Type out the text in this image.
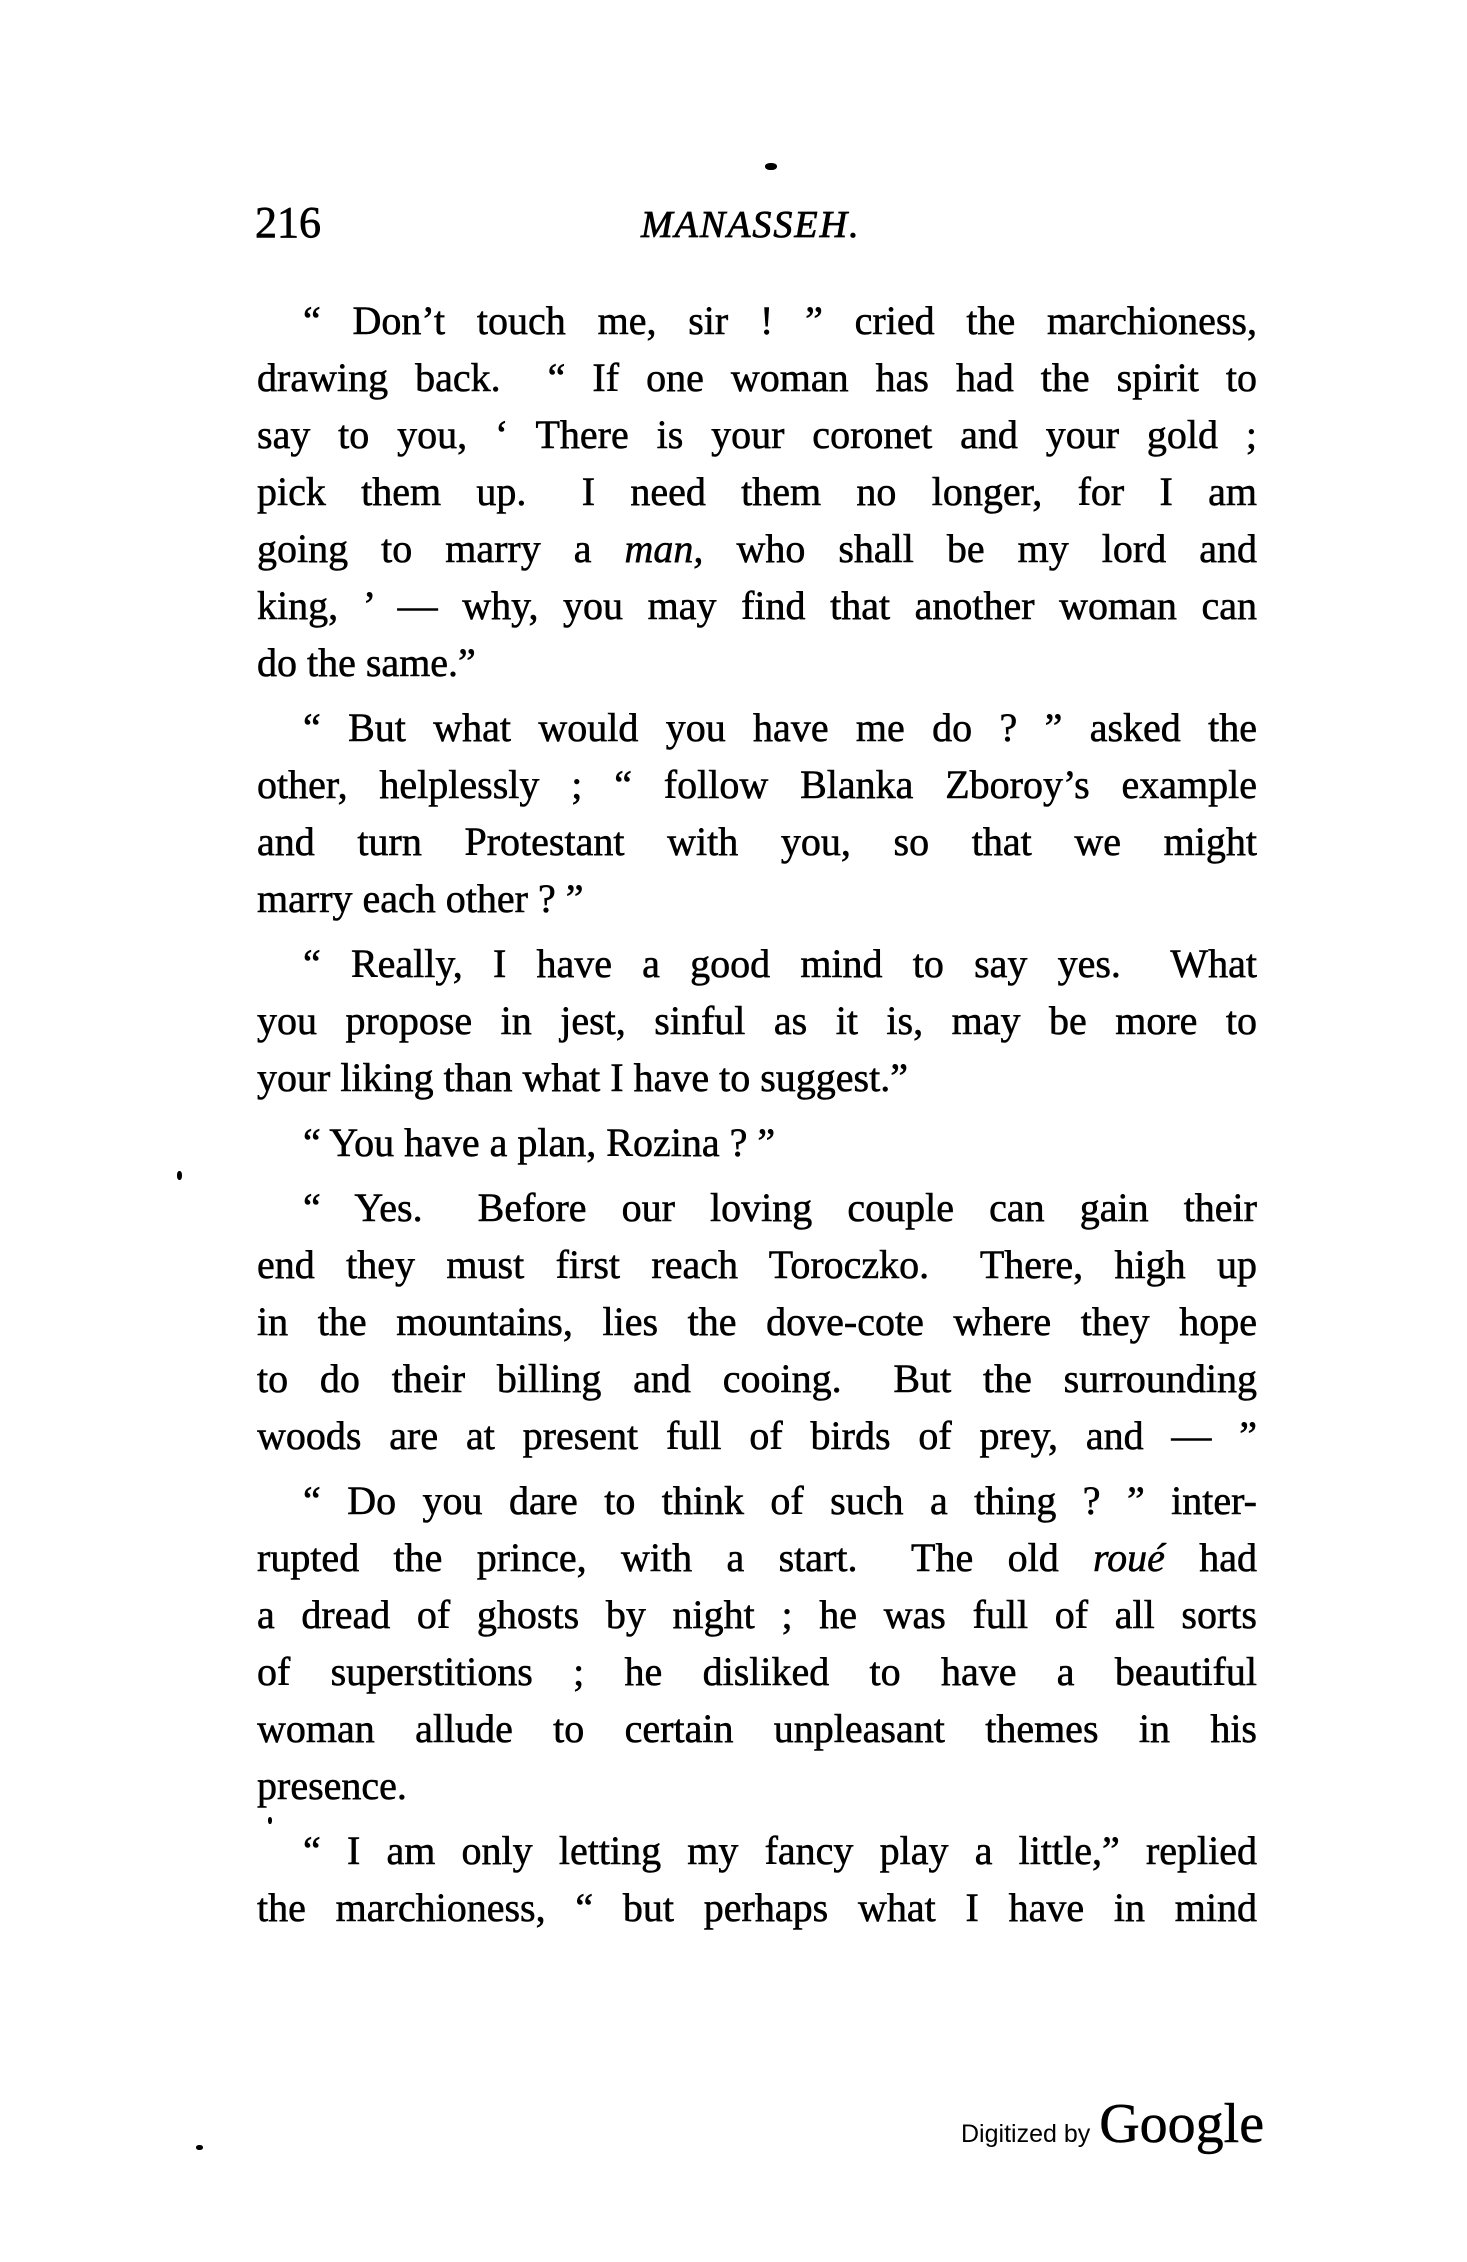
216	MANASSEH.
“ Don’t touch me, sir ! ” cried the marchioness,
drawing back.  “ If one woman has had the spirit to
say to you, ‘ There is your coronet and your gold ;
pick them up.  I need them no longer, for I am
going to marry a man, who shall be my lord and
king, ’ — why, you may find that another woman can
do the same.”
“ But what would you have me do ? ” asked the
other, helplessly ; “ follow Blanka Zboroy’s example
and turn Protestant with you, so that we might
marry each other ? ”
“ Really, I have a good mind to say yes.  What
you propose in jest, sinful as it is, may be more to
your liking than what I have to suggest.”
“ You have a plan, Rozina ? ”
“ Yes.  Before our loving couple can gain their
end they must first reach Toroczko.  There, high up
in the mountains, lies the dove-cote where they hope
to do their billing and cooing.  But the surrounding
woods are at present full of birds of prey, and — ”
“ Do you dare to think of such a thing ? ” inter-
rupted the prince, with a start.  The old roué had
a dread of ghosts by night ; he was full of all sorts
of superstitions ; he disliked to have a beautiful
woman allude to certain unpleasant themes in his
presence.
“ I am only letting my fancy play a little,” replied
the marchioness, “ but perhaps what I have in mind
Digitized by Google
